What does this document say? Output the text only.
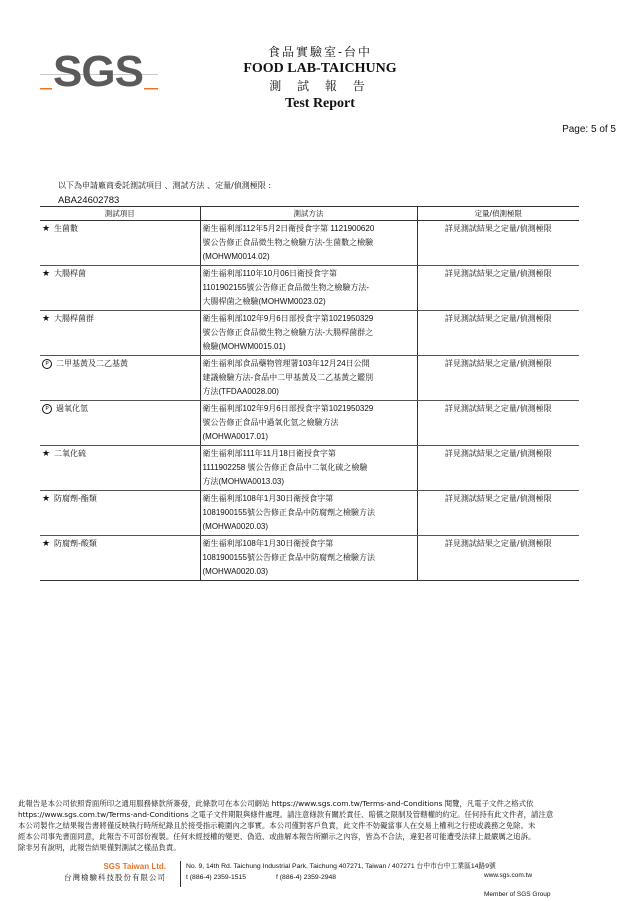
SGS	食品實驗室-台中
FOOD LAB-TAICHUNG
測 試 報 告
Test Report
Page: 5 of 5
以下為申請廠商委託測試項目 、測試方法 、定量/偵測極限 :
ABA24602783
測試項目	測試方法	定量/偵測極限
★ 生菌數	衛生福利部112年5月2日衛授食字第 1121900620
號公告修正食品微生物之檢驗方法-生菌數之檢驗
(MOHWM0014.02)	詳見測試結果之定量/偵測極限
★ 大腸桿菌	衛生福利部110年10月06日衛授食字第
1101902155號公告修正食品微生物之檢驗方法-
大腸桿菌之檢驗(MOHWM0023.02)	詳見測試結果之定量/偵測極限
★ 大腸桿菌群	衛生福利部102年9月6日部授食字第1021950329
號公告修正食品微生物之檢驗方法-大腸桿菌群之
檢驗(MOHWM0015.01)	詳見測試結果之定量/偵測極限
P 二甲基黃及二乙基黃	衛生福利部食品藥物管理署103年12月24日公開
建議檢驗方法-食品中二甲基黃及二乙基黃之鑑別
方法(TFDAA0028.00)	詳見測試結果之定量/偵測極限
P 過氧化氫	衛生福利部102年9月6日部授食字第1021950329
號公告修正食品中過氧化氫之檢驗方法
(MOHWA0017.01)	詳見測試結果之定量/偵測極限
★ 二氧化硫	衛生福利部111年11月18日衛授食字第
1111902258 號公告修正食品中二氧化硫之檢驗
方法(MOHWA0013.03)	詳見測試結果之定量/偵測極限
★ 防腐劑-酯類	衛生福利部108年1月30日衛授食字第
1081900155號公告修正食品中防腐劑之檢驗方法
(MOHWA0020.03)	詳見測試結果之定量/偵測極限
★ 防腐劑-酸類	衛生福利部108年1月30日衛授食字第
1081900155號公告修正食品中防腐劑之檢驗方法
(MOHWA0020.03)	詳見測試結果之定量/偵測極限
此報告是本公司依照背面所印之通用服務條款所簽發，此條款可在本公司網站 https://www.sgs.com.tw/Terms-and-Conditions 閱覽，凡電子文件之格式依
https://www.sgs.com.tw/Terms-and-Conditions 之電子文件期限與條件處理。請注意條款有關於責任、賠償之限制及管轄權的約定。任何持有此文件者，請注意
本公司製作之結果報告書將僅反映執行時所紀錄且於接受指示範圍內之事實。本公司僅對客戶負責，此文件不妨礙當事人在交易上權利之行使或義務之免除。未
經本公司事先書面同意，此報告不可部份複製。任何未經授權的變更、偽造、或曲解本報告所顯示之內容，皆為不合法，違犯者可能遭受法律上最嚴厲之追訴。
除非另有說明，此報告結果僅對測試之樣品負責。
SGS Taiwan Ltd.
台灣檢驗科技股份有限公司
No. 9, 14th Rd. Taichung Industrial Park, Taichung 407271, Taiwan / 407271 台中市台中工業區14路9號
t (886-4) 2359-1515	f (886-4) 2359-2948	www.sgs.com.tw
Member of SGS Group
